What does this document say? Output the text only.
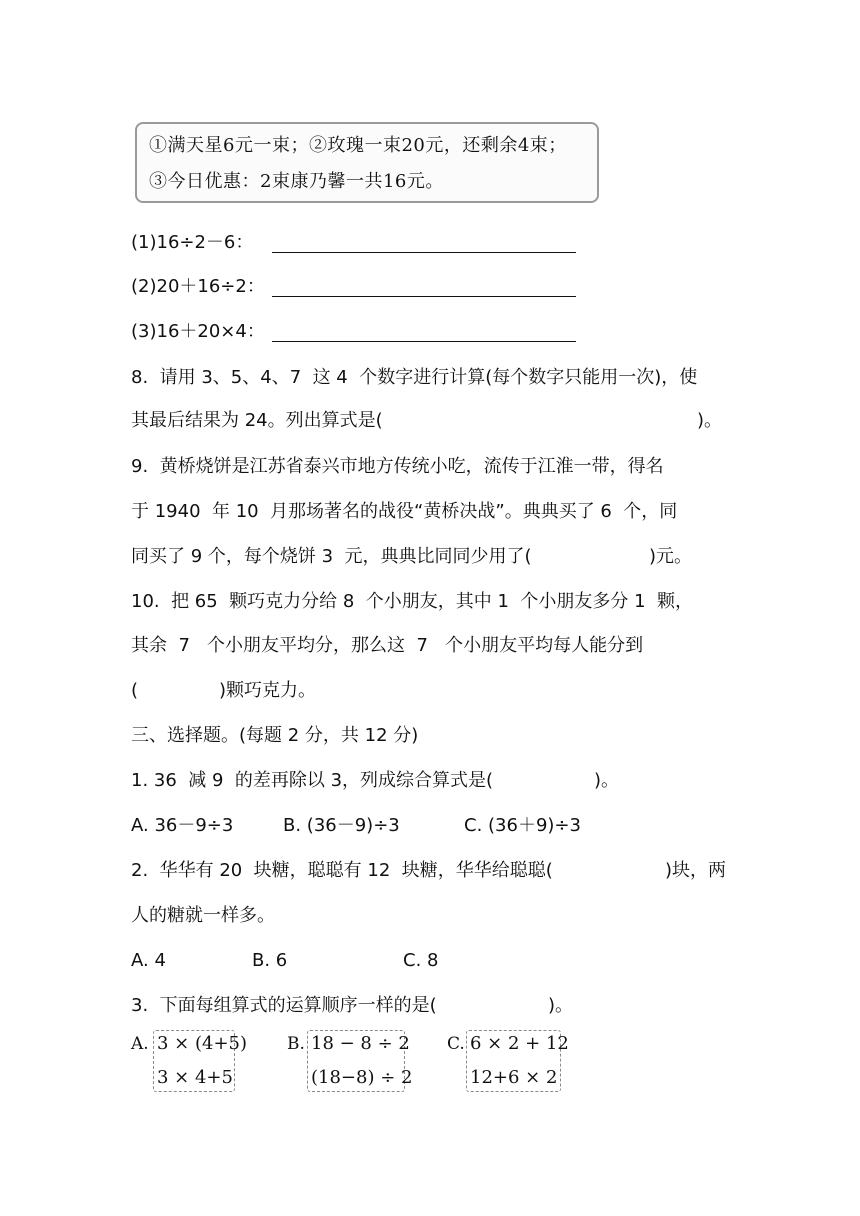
①满天星6元一束；②玫瑰一束20元，还剩余4束；
③今日优惠：2束康乃馨一共16元。
(1)16÷2－6：
(2)20＋16÷2：
(3)16＋20×4：
8.  请用 3、5、4、7  这 4  个数字进行计算(每个数字只能用一次)，使
其最后结果为 24。列出算式是(	)。
9.  黄桥烧饼是江苏省泰兴市地方传统小吃，流传于江淮一带，得名
于 1940  年 10  月那场著名的战役“黄桥决战”。典典买了 6  个，同
同买了 9 个，每个烧饼 3  元，典典比同同少用了(	)元。
10.  把 65  颗巧克力分给 8  个小朋友，其中 1  个小朋友多分 1  颗，
其余  7   个小朋友平均分，那么这  7   个小朋友平均每人能分到
(	)颗巧克力。
三、选择题。(每题 2 分，共 12 分)
1. 36  减 9  的差再除以 3，列成综合算式是(	)。
A. 36－9÷3	B. (36－9)÷3	C. (36＋9)÷3
2.  华华有 20  块糖，聪聪有 12  块糖，华华给聪聪(	)块，两
人的糖就一样多。
A. 4	B. 6	C. 8
3.  下面每组算式的运算顺序一样的是(	)。
A. 3 × (4+5)
3 × 4+5
B. 18 − 8 ÷ 2
(18−8) ÷ 2
C. 6 × 2 + 12
12+6 × 2
